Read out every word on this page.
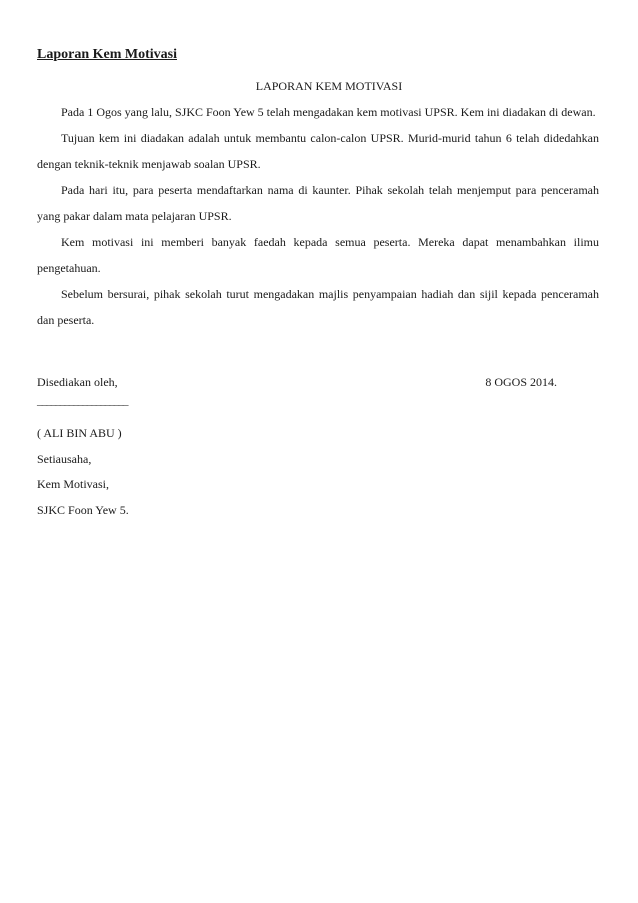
Laporan Kem Motivasi
LAPORAN KEM MOTIVASI

Pada 1 Ogos yang lalu, SJKC Foon Yew 5 telah mengadakan kem motivasi UPSR. Kem ini diadakan di dewan.

Tujuan kem ini diadakan adalah untuk membantu calon-calon UPSR. Murid-murid tahun 6 telah didedahkan dengan teknik-teknik menjawab soalan UPSR.

Pada hari itu, para peserta mendaftarkan nama di kaunter. Pihak sekolah telah menjemput para penceramah yang pakar dalam mata pelajaran UPSR.

Kem motivasi ini memberi banyak faedah kepada semua peserta. Mereka dapat menambahkan ilimu pengetahuan.

Sebelum bersurai, pihak sekolah turut mengadakan majlis penyampaian hadiah dan sijil kepada penceramah dan peserta.

Disediakan oleh,	8 OGOS 2014.

____________________

( ALI BIN ABU )

Setiausaha,

Kem Motivasi,

SJKC Foon Yew 5.
